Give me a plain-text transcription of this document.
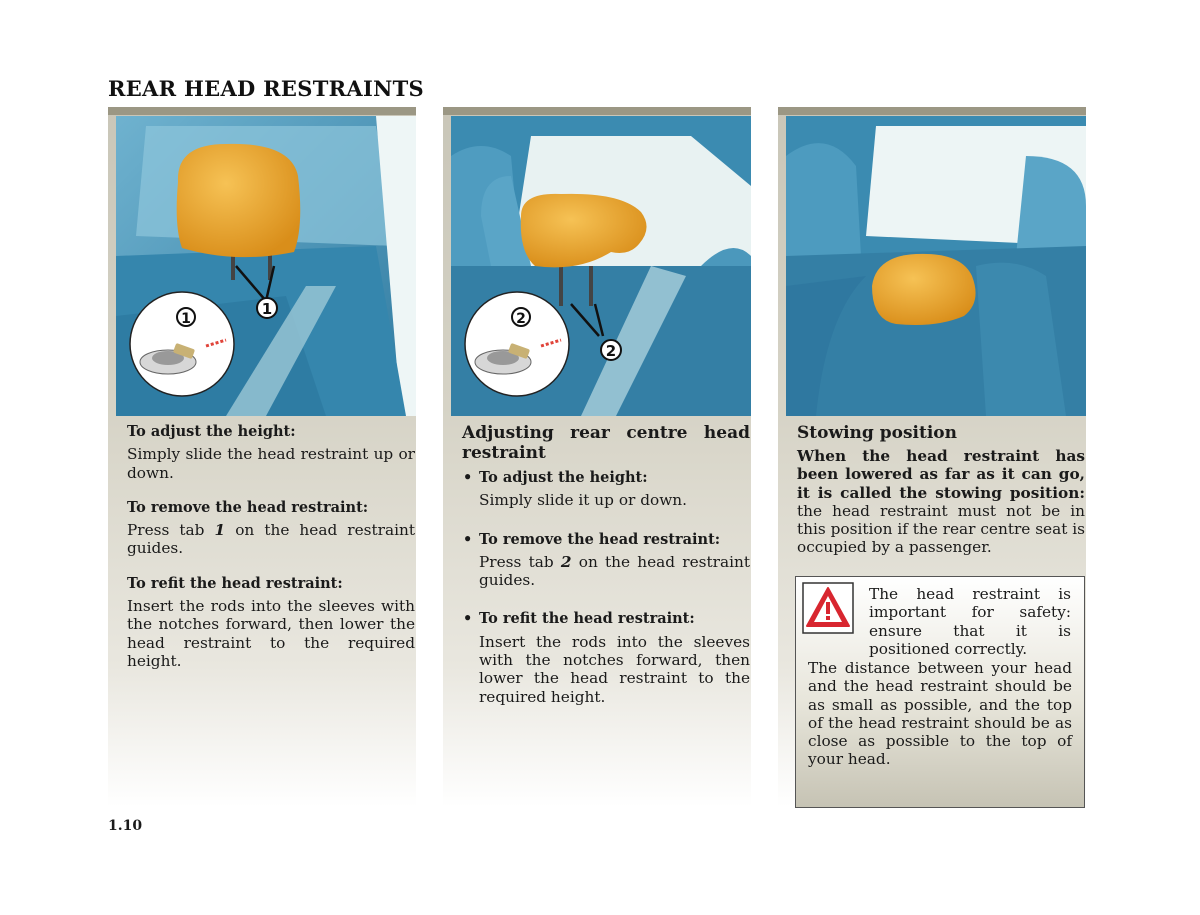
REAR HEAD RESTRAINTS
1
1

To adjust the height:

Simply slide the head restraint up or down.

To remove the head restraint:

Press tab 1 on the head restraint guides.

To refit the head restraint:

Insert the rods into the sleeves with the notches forward, then lower the head restraint to the required height.

2
2

Adjusting rear centre head restraint

• To adjust the height:

Simply slide it up or down.

• To remove the head restraint:

Press tab 2 on the head restraint guides.

• To refit the head restraint:

Insert the rods into the sleeves with the notches forward, then lower the head restraint to the required height.

Stowing position

When the head restraint has been lowered as far as it can go, it is called the stowing position: the head restraint must not be in this position if the rear centre seat is occupied by a passenger.

The head restraint is important for safety: ensure that it is
positioned correctly.
The distance between your head and the head restraint should be as small as possible, and the top of the head restraint should be as close as possible to the top of your head.
1.10
